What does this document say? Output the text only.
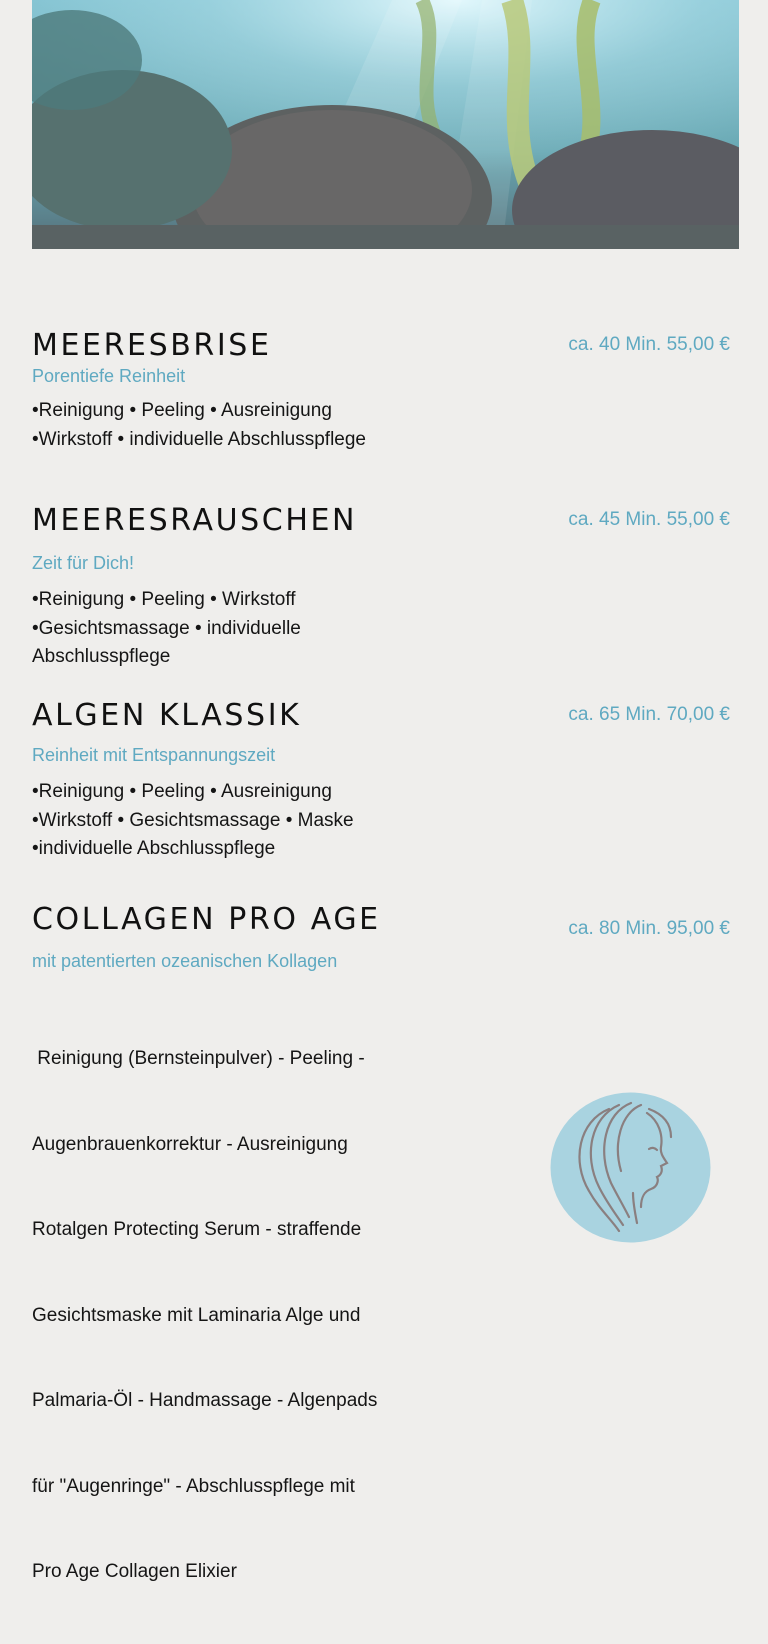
MEERESBRISE	ca. 40 Min. 55,00 €
Porentiefe Reinheit
•Reinigung • Peeling • Ausreinigung
•Wirkstoff • individuelle Abschlusspflege
MEERESRAUSCHEN	ca. 45 Min. 55,00 €
Zeit für Dich!
•Reinigung • Peeling • Wirkstoff
•Gesichtsmassage • individuelle
Abschlusspflege
ALGEN KLASSIK	ca. 65 Min. 70,00 €
Reinheit mit Entspannungszeit
•Reinigung • Peeling • Ausreinigung
•Wirkstoff • Gesichtsmassage • Maske
•individuelle Abschlusspflege
COLLAGEN PRO AGE	ca. 80 Min. 95,00 €
mit patentierten ozeanischen Kollagen

Reinigung (Bernsteinpulver) - Peeling -

Augenbrauenkorrektur - Ausreinigung

Rotalgen Protecting Serum - straffende

Gesichtsmaske mit Laminaria Alge und

Palmaria-Öl - Handmassage - Algenpads

für "Augenringe" - Abschlusspflege mit

Pro Age Collagen Elixier
